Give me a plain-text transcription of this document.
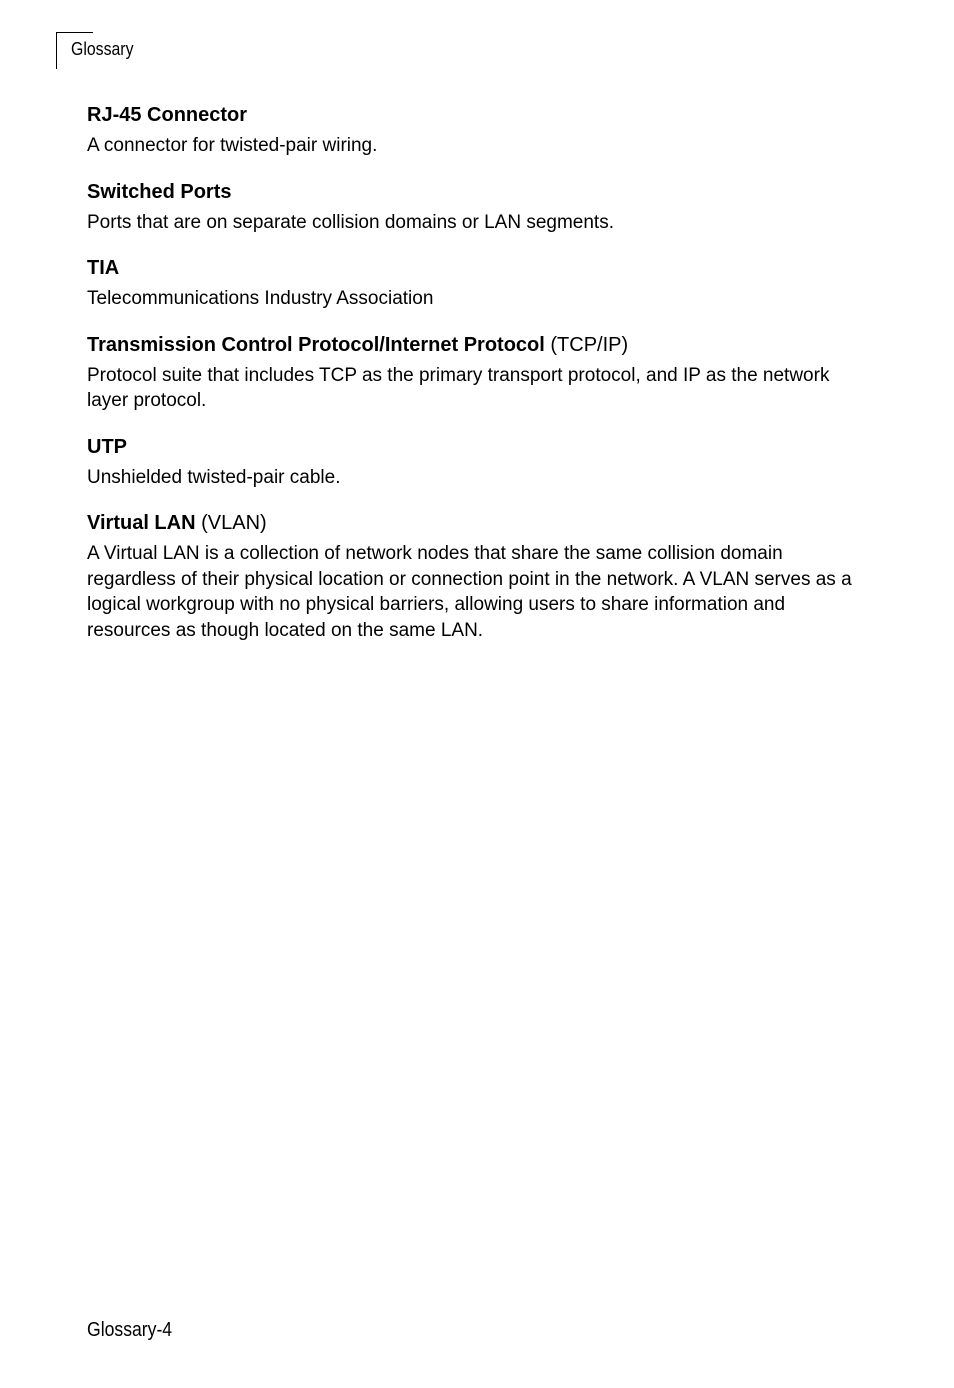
Glossary
RJ-45 Connector

A connector for twisted-pair wiring.

Switched Ports

Ports that are on separate collision domains or LAN segments.

TIA

Telecommunications Industry Association

Transmission Control Protocol/Internet Protocol (TCP/IP)

Protocol suite that includes TCP as the primary transport protocol, and IP as the network layer protocol.

UTP

Unshielded twisted-pair cable.

Virtual LAN (VLAN)

A Virtual LAN is a collection of network nodes that share the same collision domain regardless of their physical location or connection point in the network. A VLAN serves as a logical workgroup with no physical barriers, allowing users to share information and resources as though located on the same LAN.

Glossary-4
